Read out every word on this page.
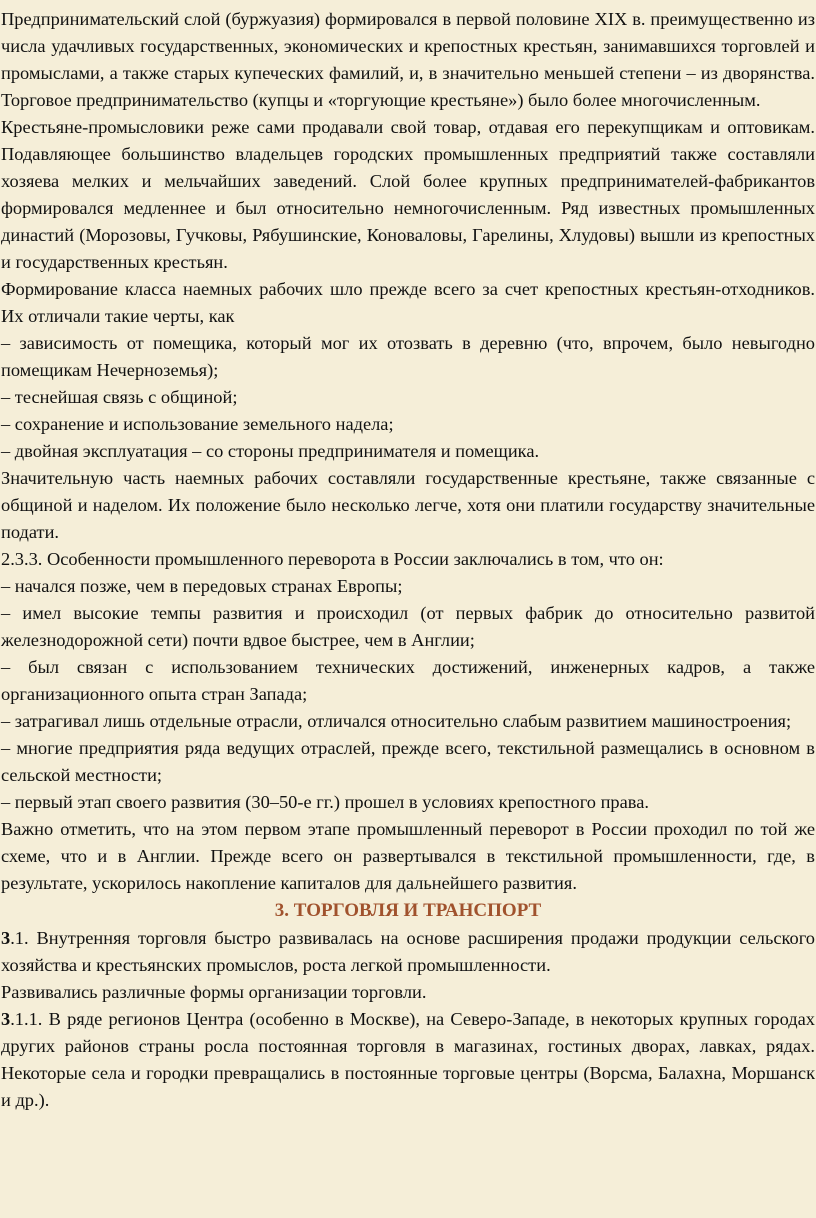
Предпринимательский слой (буржуазия) формировался в первой половине XIX в. преимущественно из числа удачливых государственных, экономических и крепостных крестьян, занимавшихся торговлей и промыслами, а также старых купеческих фамилий, и, в значительно меньшей степени – из дворянства. Торговое предпринимательство (купцы и «торгующие крестьяне») было более многочисленным.

Крестьяне-промысловики реже сами продавали свой товар, отдавая его перекупщикам и оптовикам. Подавляющее большинство владельцев городских промышленных предприятий также составляли хозяева мелких и мельчайших заведений. Слой более крупных предпринимателей-фабрикантов формировался медленнее и был относительно немногочисленным. Ряд известных промышленных династий (Морозовы, Гучковы, Рябушинские, Коноваловы, Гарелины, Хлудовы) вышли из крепостных и государственных крестьян.

Формирование класса наемных рабочих шло прежде всего за счет крепостных крестьян-отходников. Их отличали такие черты, как

– зависимость от помещика, который мог их отозвать в деревню (что, впрочем, было невыгодно помещикам Нечерноземья);

– теснейшая связь с общиной;

– сохранение и использование земельного надела;

– двойная эксплуатация – со стороны предпринимателя и помещика.

Значительную часть наемных рабочих составляли государственные крестьяне, также связанные с общиной и наделом. Их положение было несколько легче, хотя они платили государству значительные подати.

2.3.3. Особенности промышленного переворота в России заключались в том, что он:

– начался позже, чем в передовых странах Европы;

– имел высокие темпы развития и происходил (от первых фабрик до относительно развитой железнодорожной сети) почти вдвое быстрее, чем в Англии;

– был связан с использованием технических достижений, инженерных кадров, а также организационного опыта стран Запада;

– затрагивал лишь отдельные отрасли, отличался относительно слабым развитием машиностроения;

– многие предприятия ряда ведущих отраслей, прежде всего, текстильной размещались в основном в сельской местности;

– первый этап своего развития (30–50-е гг.) прошел в условиях крепостного права.

Важно отметить, что на этом первом этапе промышленный переворот в России проходил по той же схеме, что и в Англии. Прежде всего он развертывался в текстильной промышленности, где, в результате, ускорилось накопление капиталов для дальнейшего развития.

3. ТОРГОВЛЯ И ТРАНСПОРТ

3.1. Внутренняя торговля быстро развивалась на основе расширения продажи продукции сельского хозяйства и крестьянских промыслов, роста легкой промышленности.

Развивались различные формы организации торговли.

3.1.1. В ряде регионов Центра (особенно в Москве), на Северо-Западе, в некоторых крупных городах других районов страны росла постоянная торговля в магазинах, гостиных дворах, лавках, рядах. Некоторые села и городки превращались в постоянные торговые центры (Ворсма, Балахна, Моршанск и др.).
